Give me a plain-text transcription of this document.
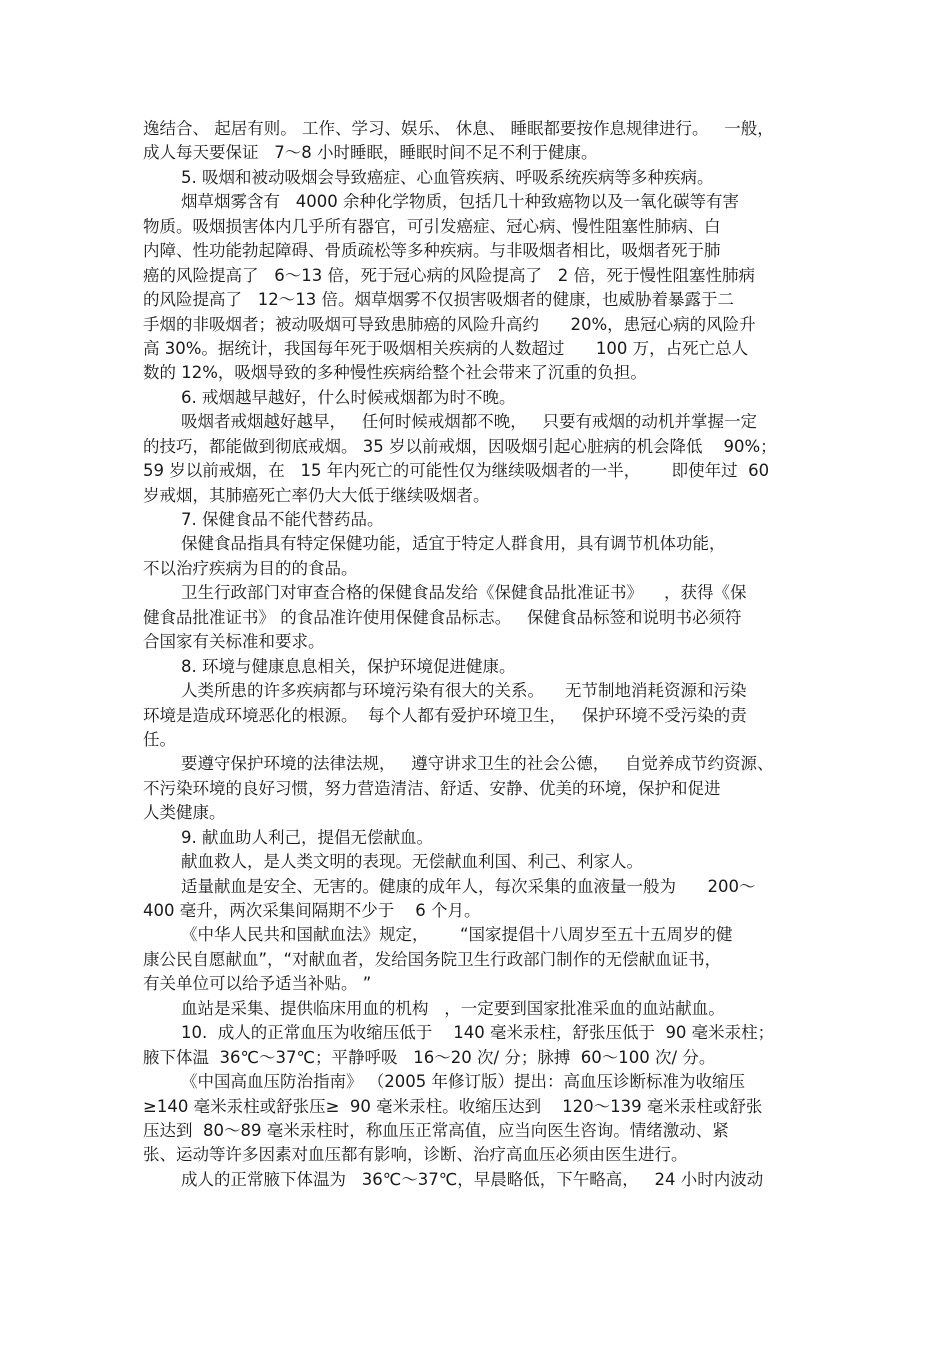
逸结合、 起居有则。 工作、学习、娱乐、 休息、 睡眠都要按作息规律进行。   一般，
成人每天要保证   7～8 小时睡眠，睡眠时间不足不利于健康。
5. 吸烟和被动吸烟会导致癌症、心血管疾病、呼吸系统疾病等多种疾病。
烟草烟雾含有   4000 余种化学物质，包括几十种致癌物以及一氧化碳等有害
物质。吸烟损害体内几乎所有器官，可引发癌症、冠心病、慢性阻塞性肺病、白
内障、性功能勃起障碍、骨质疏松等多种疾病。与非吸烟者相比，吸烟者死于肺
癌的风险提高了   6～13 倍，死于冠心病的风险提高了   2 倍，死于慢性阻塞性肺病
的风险提高了   12～13 倍。烟草烟雾不仅损害吸烟者的健康，也威胁着暴露于二
手烟的非吸烟者；被动吸烟可导致患肺癌的风险升高约      20%，患冠心病的风险升
高 30%。据统计，我国每年死于吸烟相关疾病的人数超过      100 万，占死亡总人
数的 12%，吸烟导致的多种慢性疾病给整个社会带来了沉重的负担。
6. 戒烟越早越好，什么时候戒烟都为时不晚。
吸烟者戒烟越好越早，   任何时候戒烟都不晚，   只要有戒烟的动机并掌握一定
的技巧，都能做到彻底戒烟。 35 岁以前戒烟，因吸烟引起心脏病的机会降低    90%；
59 岁以前戒烟，在   15 年内死亡的可能性仅为继续吸烟者的一半，      即使年过  60
岁戒烟，其肺癌死亡率仍大大低于继续吸烟者。
7. 保健食品不能代替药品。
保健食品指具有特定保健功能，适宜于特定人群食用，具有调节机体功能，
不以治疗疾病为目的的食品。
卫生行政部门对审查合格的保健食品发给《保健食品批准证书》    ，获得《保
健食品批准证书》 的食品准许使用保健食品标志。   保健食品标签和说明书必须符
合国家有关标准和要求。
8. 环境与健康息息相关，保护环境促进健康。
人类所患的许多疾病都与环境污染有很大的关系。    无节制地消耗资源和污染
环境是造成环境恶化的根源。  每个人都有爱护环境卫生，   保护环境不受污染的责
任。
要遵守保护环境的法律法规，   遵守讲求卫生的社会公德，   自觉养成节约资源、
不污染环境的良好习惯，努力营造清洁、舒适、安静、优美的环境，保护和促进
人类健康。
9. 献血助人利己，提倡无偿献血。
献血救人，是人类文明的表现。无偿献血利国、利己、利家人。
适量献血是安全、无害的。健康的成年人，每次采集的血液量一般为      200～
400 毫升，两次采集间隔期不少于    6 个月。
《中华人民共和国献血法》规定，      “国家提倡十八周岁至五十五周岁的健
康公民自愿献血”，“对献血者，发给国务院卫生行政部门制作的无偿献血证书，
有关单位可以给予适当补贴。 ”
血站是采集、提供临床用血的机构   ，一定要到国家批准采血的血站献血。
10.  成人的正常血压为收缩压低于    140 毫米汞柱，舒张压低于  90 毫米汞柱；
腋下体温  36℃～37℃；平静呼吸   16～20 次/ 分；脉搏  60～100 次/ 分。
《中国高血压防治指南》 （2005 年修订版）提出：高血压诊断标准为收缩压
≥140 毫米汞柱或舒张压≥  90 毫米汞柱。收缩压达到    120～139 毫米汞柱或舒张
压达到  80～89 毫米汞柱时，称血压正常高值，应当向医生咨询。情绪激动、紧
张、运动等许多因素对血压都有影响，诊断、治疗高血压必须由医生进行。
成人的正常腋下体温为   36℃～37℃，早晨略低，下午略高，   24 小时内波动
